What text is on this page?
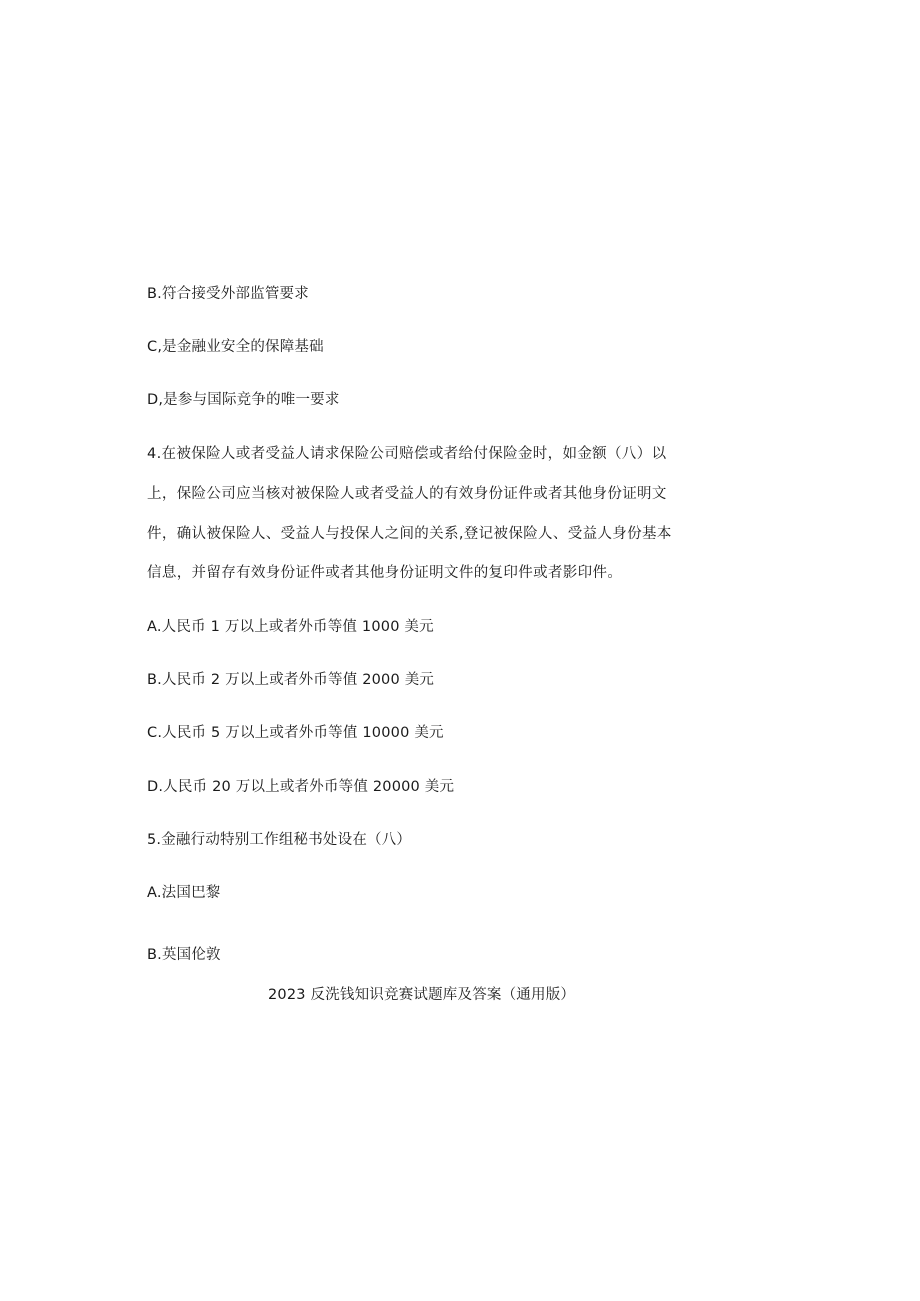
B.符合接受外部监管要求
C,是金融业安全的保障基础
D,是参与国际竞争的唯一要求
4.在被保险人或者受益人请求保险公司赔偿或者给付保险金时，如金额（八）以
上，保险公司应当核对被保险人或者受益人的有效身份证件或者其他身份证明文
件，确认被保险人、受益人与投保人之间的关系,登记被保险人、受益人身份基本
信息，并留存有效身份证件或者其他身份证明文件的复印件或者影印件。
A.人民币 1 万以上或者外币等值 1000 美元
B.人民币 2 万以上或者外币等值 2000 美元
C.人民币 5 万以上或者外币等值 10000 美元
D.人民币 20 万以上或者外币等值 20000 美元
5.金融行动特别工作组秘书处设在（八）
A.法国巴黎
B.英国伦敦
2023 反洗钱知识竞赛试题库及答案（通用版）
